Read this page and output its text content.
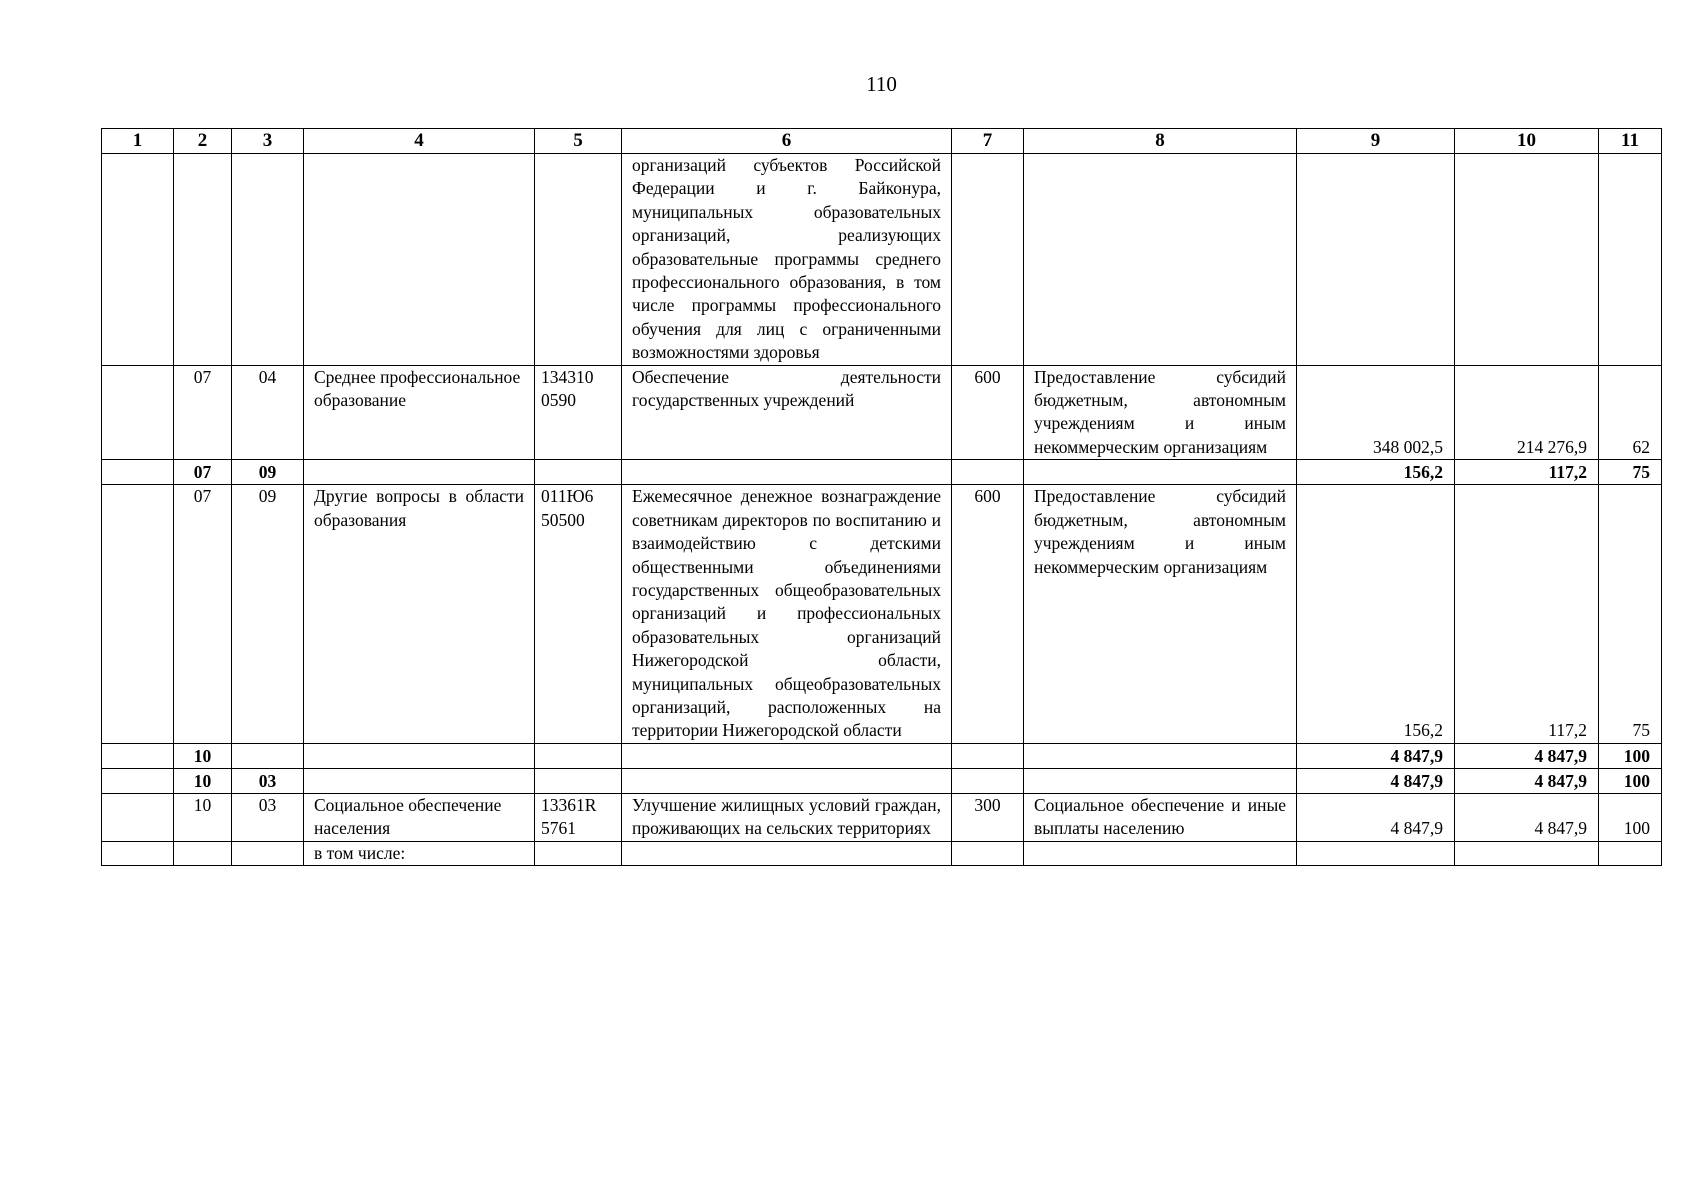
110
1	2	3	4	5	6	7	8	9	10	11
					организаций субъектов Российской Федерации и г. Байконура, муниципальных образовательных организаций, реализующих образовательные программы среднего профессионального образования, в том числе программы профессионального обучения для лиц с ограниченными возможностями здоровья					
	07	04	Среднее профессиональное образование	134310 0590	Обеспечение деятельности государственных учреждений	600	Предоставление субсидий бюджетным, автономным учреждениям и иным некоммерческим организациям	348 002,5	214 276,9	62
	07	09						156,2	117,2	75
	07	09	Другие вопросы в области образования	011Ю6 50500	Ежемесячное денежное вознаграждение советникам директоров по воспитанию и взаимодействию с детскими общественными объединениями государственных общеобразовательных организаций и профессиональных образовательных организаций Нижегородской области, муниципальных общеобразовательных организаций, расположенных на территории Нижегородской области	600	Предоставление субсидий бюджетным, автономным учреждениям и иным некоммерческим организациям	156,2	117,2	75
	10							4 847,9	4 847,9	100
	10	03						4 847,9	4 847,9	100
	10	03	Социальное обеспечение населения	13361R 5761	Улучшение жилищных условий граждан, проживающих на сельских территориях	300	Социальное обеспечение и иные выплаты населению	4 847,9	4 847,9	100
			в том числе:							
